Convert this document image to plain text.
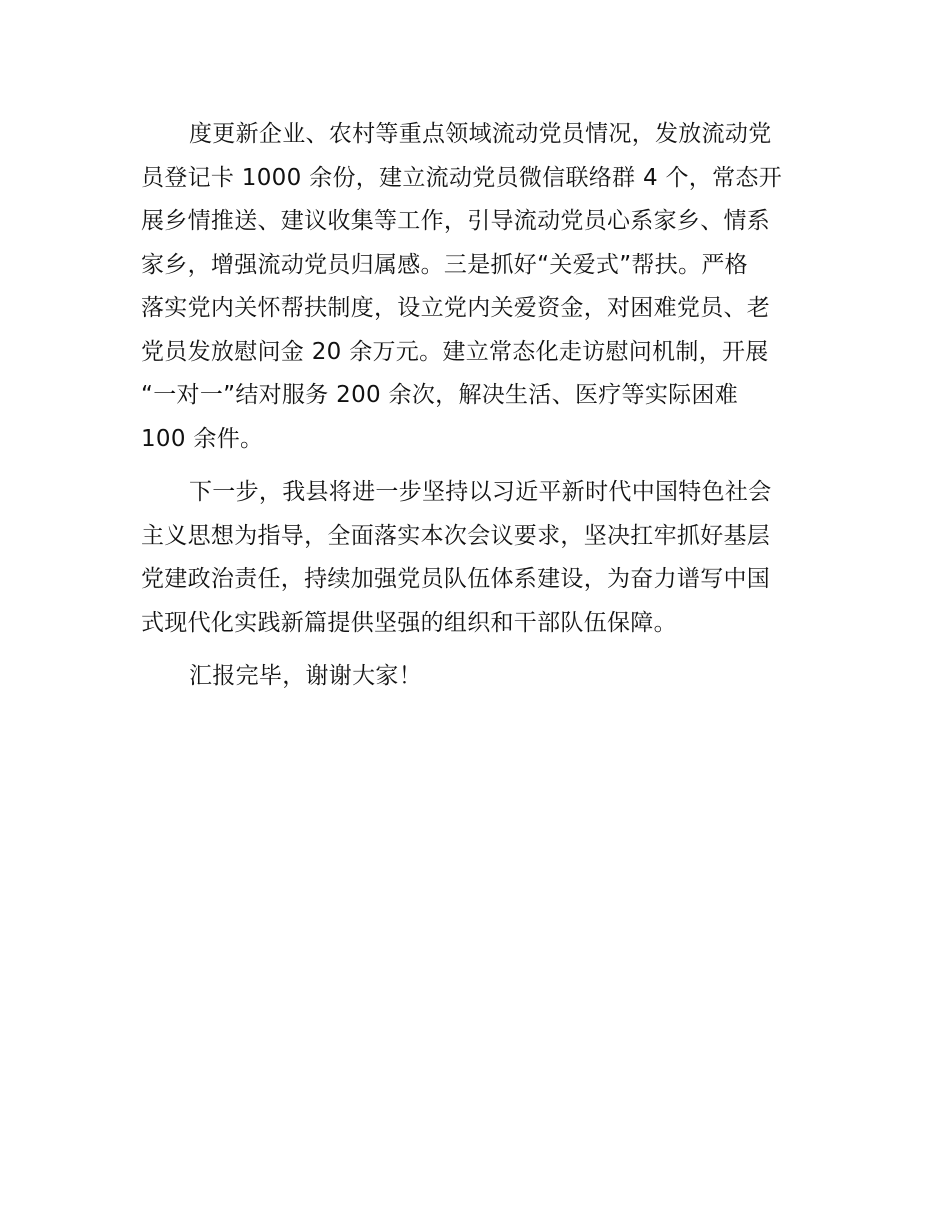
度更新企业、农村等重点领域流动党员情况，发放流动党
员登记卡 1000 余份，建立流动党员微信联络群 4 个，常态开
展乡情推送、建议收集等工作，引导流动党员心系家乡、情系
家乡，增强流动党员归属感。三是抓好“关爱式”帮扶。严格
落实党内关怀帮扶制度，设立党内关爱资金，对困难党员、老
党员发放慰问金 20 余万元。建立常态化走访慰问机制，开展
“一对一”结对服务 200 余次，解决生活、医疗等实际困难
100 余件。
下一步，我县将进一步坚持以习近平新时代中国特色社会
主义思想为指导，全面落实本次会议要求，坚决扛牢抓好基层
党建政治责任，持续加强党员队伍体系建设，为奋力谱写中国
式现代化实践新篇提供坚强的组织和干部队伍保障。
汇报完毕，谢谢大家！
